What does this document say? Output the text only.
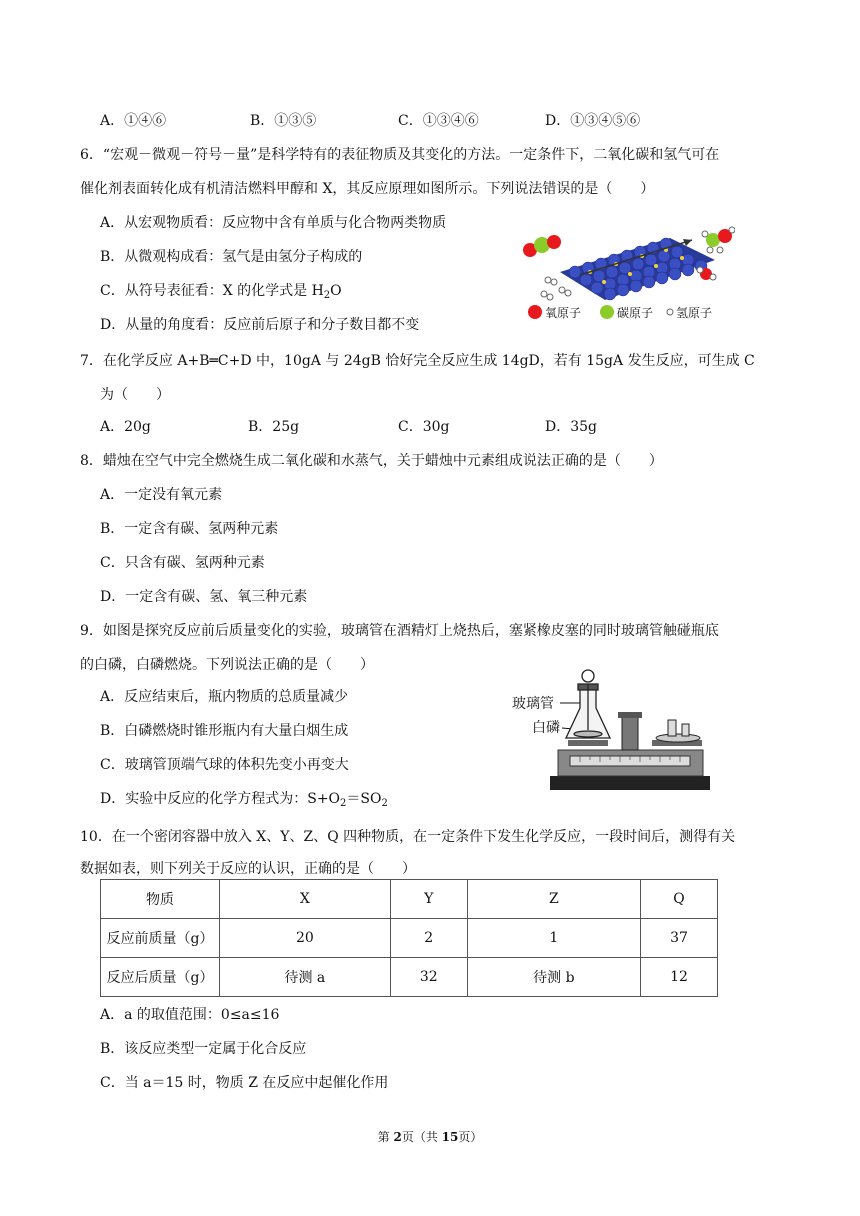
A．①④⑥	B．①③⑤	C．①③④⑥	D．①③④⑤⑥
6．“宏观－微观－符号－量”是科学特有的表征物质及其变化的方法。一定条件下，二氧化碳和氢气可在
催化剂表面转化成有机清洁燃料甲醇和 X，其反应原理如图所示。下列说法错误的是（　　）
A．从宏观物质看：反应物中含有单质与化合物两类物质
B．从微观构成看：氢气是由氢分子构成的
C．从符号表征看：X 的化学式是 $H_2O$
D．从量的角度看：反应前后原子和分子数目都不变
氧原子	碳原子 氢原子
7．在化学反应 A+B═C+D 中，10gA 与 24gB 恰好完全反应生成 14gD，若有 15gA 发生反应，可生成 C
为（　　）
A．20g	B．25g	C．30g	D．35g
8．蜡烛在空气中完全燃烧生成二氧化碳和水蒸气，关于蜡烛中元素组成说法正确的是（　　）
A．一定没有氧元素
B．一定含有碳、氢两种元素
C．只含有碳、氢两种元素
D．一定含有碳、氢、氧三种元素
9．如图是探究反应前后质量变化的实验，玻璃管在酒精灯上烧热后，塞紧橡皮塞的同时玻璃管触碰瓶底
的白磷，白磷燃烧。下列说法正确的是（　　）
A．反应结束后，瓶内物质的总质量减少
B．白磷燃烧时锥形瓶内有大量白烟生成
C．玻璃管顶端气球的体积先变小再变大
D．实验中反应的化学方程式为：$S+O_2=SO_2$
玻璃管
白磷
10．在一个密闭容器中放入 X、Y、Z、Q 四种物质，在一定条件下发生化学反应，一段时间后，测得有关
数据如表，则下列关于反应的认识，正确的是（　　）
物质	X	Y	Z	Q
反应前质量（g）	20	2	1	37
反应后质量（g）	待测 a	32	待测 b	12
A．a 的取值范围：0≤a≤16
B．该反应类型一定属于化合反应
C．当 a＝15 时，物质 Z 在反应中起催化作用
第 2页（共 15页）
